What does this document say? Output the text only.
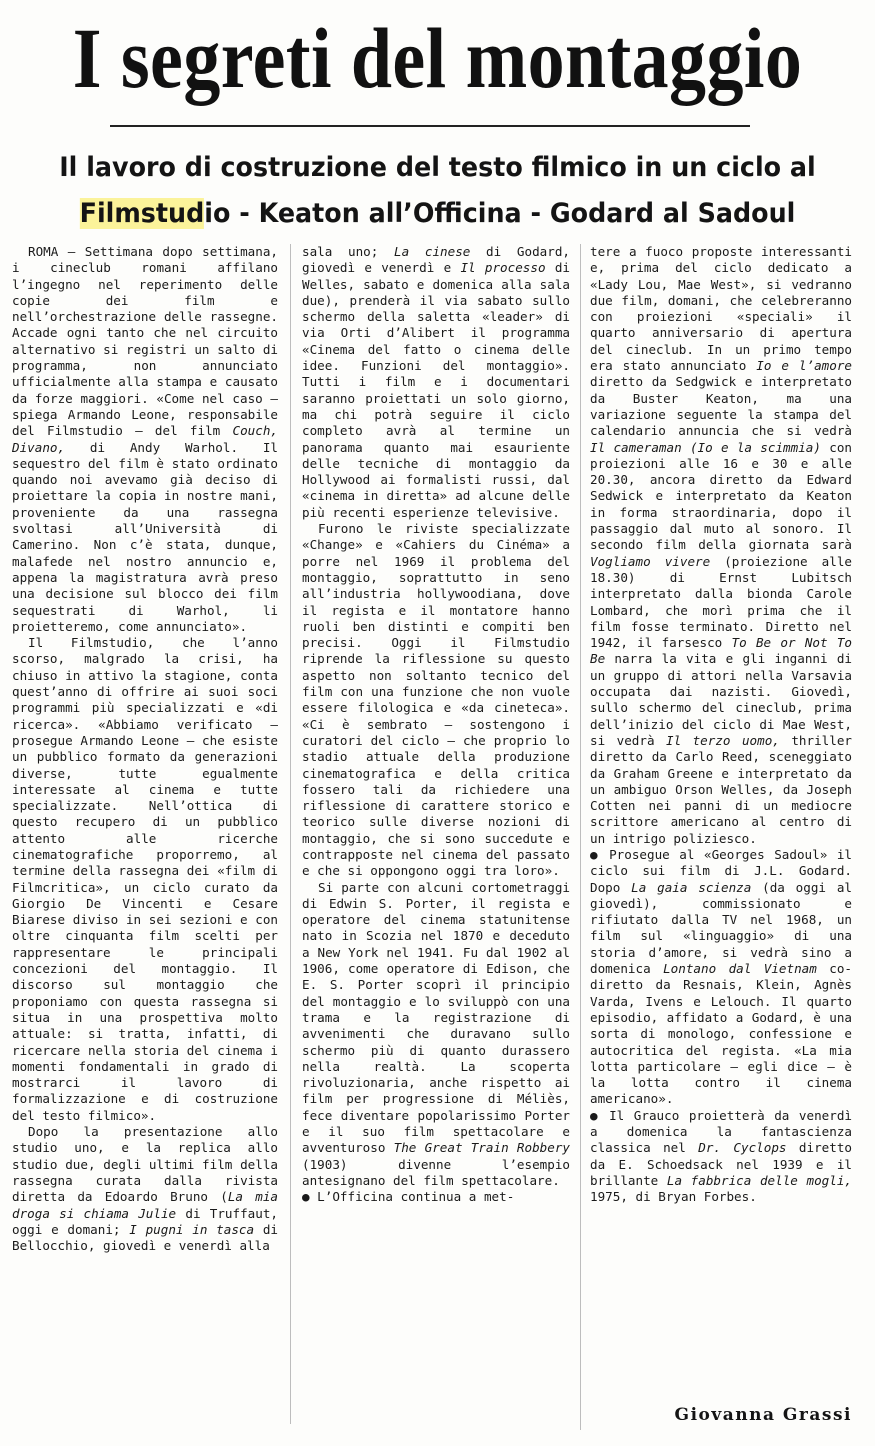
I segreti del montaggio
Il lavoro di costruzione del testo filmico in un ciclo al
Filmstudio - Keaton all’Officina - Godard al Sadoul

ROMA — Settimana dopo settimana, i cineclub romani affilano l’ingegno nel reperimento delle copie dei film e nell’orchestrazione delle rassegne. Accade ogni tanto che nel circuito alternativo si registri un salto di programma, non annunciato ufficialmente alla stampa e causato da forze maggiori. «Come nel caso — spiega Armando Leone, responsabile del Filmstudio — del film Couch, Divano, di Andy Warhol. Il sequestro del film è stato ordinato quando noi avevamo già deciso di proiettare la copia in nostre mani, proveniente da una rassegna svoltasi all’Università di Camerino. Non c’è stata, dunque, malafede nel nostro annuncio e, appena la magistratura avrà preso una decisione sul blocco dei film sequestrati di Warhol, li proietteremo, come annunciato».

Il Filmstudio, che l’anno scorso, malgrado la crisi, ha chiuso in attivo la stagione, conta quest’anno di offrire ai suoi soci programmi più specializzati e «di ricerca». «Abbiamo verificato — prosegue Armando Leone — che esiste un pubblico formato da generazioni diverse, tutte egualmente interessate al cinema e tutte specializzate. Nell’ottica di questo recupero di un pubblico attento alle ricerche cinematografiche proporremo, al termine della rassegna dei «film di Filmcritica», un ciclo curato da Giorgio De Vincenti e Cesare Biarese diviso in sei sezioni e con oltre cinquanta film scelti per rappresentare le principali concezioni del montaggio. Il discorso sul montaggio che proponiamo con questa rassegna si situa in una prospettiva molto attuale: si tratta, infatti, di ricercare nella storia del cinema i momenti fondamentali in grado di mostrarci il lavoro di formalizzazione e di costruzione del testo filmico».

Dopo la presentazione allo studio uno, e la replica allo studio due, degli ultimi film della rassegna curata dalla rivista diretta da Edoardo Bruno (La mia droga si chiama Julie di Truffaut, oggi e domani; I pugni in tasca di Bellocchio, giovedì e venerdì alla

sala uno; La cinese di Godard, giovedì e venerdì e Il processo di Welles, sabato e domenica alla sala due), prenderà il via sabato sullo schermo della saletta «leader» di via Orti d’Alibert il programma «Cinema del fatto o cinema delle idee. Funzioni del montaggio». Tutti i film e i documentari saranno proiettati un solo giorno, ma chi potrà seguire il ciclo completo avrà al termine un panorama quanto mai esauriente delle tecniche di montaggio da Hollywood ai formalisti russi, dal «cinema in diretta» ad alcune delle più recenti esperienze televisive.

Furono le riviste specializzate «Change» e «Cahiers du Cinéma» a porre nel 1969 il problema del montaggio, soprattutto in seno all’industria hollywoodiana, dove il regista e il montatore hanno ruoli ben distinti e compiti ben precisi. Oggi il Filmstudio riprende la riflessione su questo aspetto non soltanto tecnico del film con una funzione che non vuole essere filologica e «da cineteca». «Ci è sembrato — sostengono i curatori del ciclo — che proprio lo stadio attuale della produzione cinematografica e della critica fossero tali da richiedere una riflessione di carattere storico e teorico sulle diverse nozioni di montaggio, che si sono succedute e contrapposte nel cinema del passato e che si oppongono oggi tra loro».

Si parte con alcuni cortometraggi di Edwin S. Porter, il regista e operatore del cinema statunitense nato in Scozia nel 1870 e deceduto a New York nel 1941. Fu dal 1902 al 1906, come operatore di Edison, che E. S. Porter scoprì il principio del montaggio e lo sviluppò con una trama e la registrazione di avvenimenti che duravano sullo schermo più di quanto durassero nella realtà. La scoperta rivoluzionaria, anche rispetto ai film per progressione di Méliès, fece diventare popolarissimo Porter e il suo film spettacolare e avventuroso The Great Train Robbery (1903) divenne l’esempio antesignano del film spettacolare.

● L’Officina continua a met-

tere a fuoco proposte interessanti e, prima del ciclo dedicato a «Lady Lou, Mae West», si vedranno due film, domani, che celebreranno con proiezioni «speciali» il quarto anniversario di apertura del cineclub. In un primo tempo era stato annunciato Io e l’amore diretto da Sedgwick e interpretato da Buster Keaton, ma una variazione seguente la stampa del calendario annuncia che si vedrà Il cameraman (Io e la scimmia) con proiezioni alle 16 e 30 e alle 20.30, ancora diretto da Edward Sedwick e interpretato da Keaton in forma straordinaria, dopo il passaggio dal muto al sonoro. Il secondo film della giornata sarà Vogliamo vivere (proiezione alle 18.30) di Ernst Lubitsch interpretato dalla bionda Carole Lombard, che morì prima che il film fosse terminato. Diretto nel 1942, il farsesco To Be or Not To Be narra la vita e gli inganni di un gruppo di attori nella Varsavia occupata dai nazisti. Giovedì, sullo schermo del cineclub, prima dell’inizio del ciclo di Mae West, si vedrà Il terzo uomo, thriller diretto da Carlo Reed, sceneggiato da Graham Greene e interpretato da un ambiguo Orson Welles, da Joseph Cotten nei panni di un mediocre scrittore americano al centro di un intrigo poliziesco.

● Prosegue al «Georges Sadoul» il ciclo sui film di J.L. Godard. Dopo La gaia scienza (da oggi al giovedì), commissionato e rifiutato dalla TV nel 1968, un film sul «linguaggio» di una storia d’amore, si vedrà sino a domenica Lontano dal Vietnam co-diretto da Resnais, Klein, Agnès Varda, Ivens e Lelouch. Il quarto episodio, affidato a Godard, è una sorta di monologo, confessione e autocritica del regista. «La mia lotta particolare — egli dice — è la lotta contro il cinema americano».

● Il Grauco proietterà da venerdì a domenica la fantascienza classica nel Dr. Cyclops diretto da E. Schoedsack nel 1939 e il brillante La fabbrica delle mogli, 1975, di Bryan Forbes.

Giovanna Grassi
